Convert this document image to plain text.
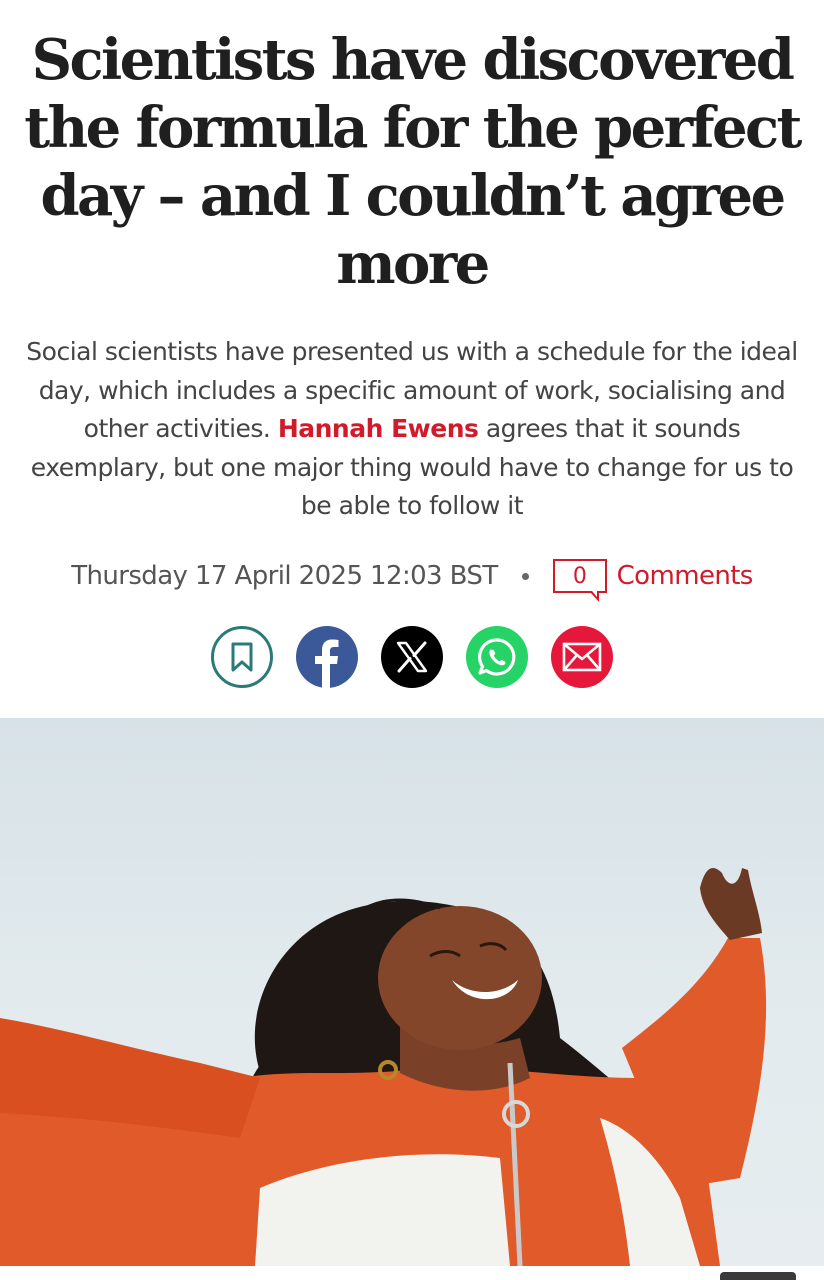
Scientists have discovered the formula for the perfect day – and I couldn’t agree more

Social scientists have presented us with a schedule for the ideal day, which includes a specific amount of work, socialising and other activities. Hannah Ewens agrees that it sounds exemplary, but one major thing would have to change for us to be able to follow it

Thursday 17 April 2025 12:03 BST	0	Comments
